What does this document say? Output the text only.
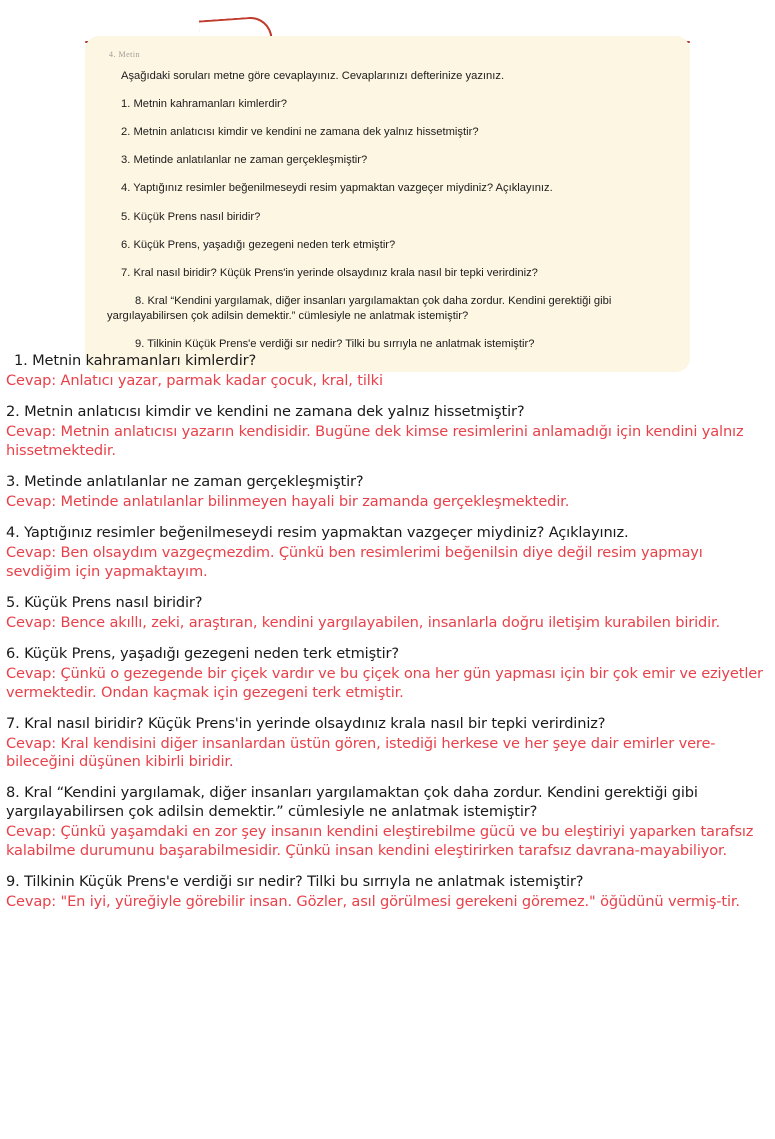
4. Metin

Aşağıdaki soruları metne göre cevaplayınız. Cevaplarınızı defterinize yazınız.

1. Metnin kahramanları kimlerdir?

2. Metnin anlatıcısı kimdir ve kendini ne zamana dek yalnız hissetmiştir?

3. Metinde anlatılanlar ne zaman gerçekleşmiştir?

4. Yaptığınız resimler beğenilmeseydi resim yapmaktan vazgeçer miydiniz? Açıklayınız.

5. Küçük Prens nasıl biridir?

6. Küçük Prens, yaşadığı gezegeni neden terk etmiştir?

7. Kral nasıl biridir? Küçük Prens'in yerinde olsaydınız krala nasıl bir tepki verirdiniz?

8. Kral “Kendini yargılamak, diğer insanları yargılamaktan çok daha zordur. Kendini gerektiği gibi yargılayabilirsen çok adilsin demektir.” cümlesiyle ne anlatmak istemiştir?

9. Tilkinin Küçük Prens'e verdiği sır nedir? Tilki bu sırrıyla ne anlatmak istemiştir?

1. Metnin kahramanları kimlerdir?

Cevap: Anlatıcı yazar, parmak kadar çocuk, kral, tilki

2. Metnin anlatıcısı kimdir ve kendini ne zamana dek yalnız hissetmiştir?

Cevap: Metnin anlatıcısı yazarın kendisidir. Bugüne dek kimse resimlerini anlamadığı için kendini yalnız hissetmektedir.

3. Metinde anlatılanlar ne zaman gerçekleşmiştir?

Cevap: Metinde anlatılanlar bilinmeyen hayali bir zamanda gerçekleşmektedir.

4. Yaptığınız resimler beğenilmeseydi resim yapmaktan vazgeçer miydiniz? Açıklayınız.

Cevap: Ben olsaydım vazgeçmezdim. Çünkü ben resimlerimi beğenilsin diye değil resim yapmayı sevdiğim için yapmaktayım.

5. Küçük Prens nasıl biridir?

Cevap: Bence akıllı, zeki, araştıran, kendini yargılayabilen, insanlarla doğru iletişim kurabilen biridir.

6. Küçük Prens, yaşadığı gezegeni neden terk etmiştir?

Cevap: Çünkü o gezegende bir çiçek vardır ve bu çiçek ona her gün yapması için bir çok emir ve eziyetler vermektedir. Ondan kaçmak için gezegeni terk etmiştir.

7. Kral nasıl biridir? Küçük Prens'in yerinde olsaydınız krala nasıl bir tepki verirdiniz?

Cevap: Kral kendisini diğer insanlardan üstün gören, istediği herkese ve her şeye dair emirler vere-bileceğini düşünen kibirli biridir.

8. Kral “Kendini yargılamak, diğer insanları yargılamaktan çok daha zordur. Kendini gerektiği gibi yargılayabilirsen çok adilsin demektir.” cümlesiyle ne anlatmak istemiştir?

Cevap: Çünkü yaşamdaki en zor şey insanın kendini eleştirebilme gücü ve bu eleştiriyi yaparken tarafsız kalabilme durumunu başarabilmesidir. Çünkü insan kendini eleştirirken tarafsız davrana-mayabiliyor.

9. Tilkinin Küçük Prens'e verdiği sır nedir? Tilki bu sırrıyla ne anlatmak istemiştir?

Cevap: "En iyi, yüreğiyle görebilir insan. Gözler, asıl görülmesi gerekeni göremez." öğüdünü vermiş-tir.
